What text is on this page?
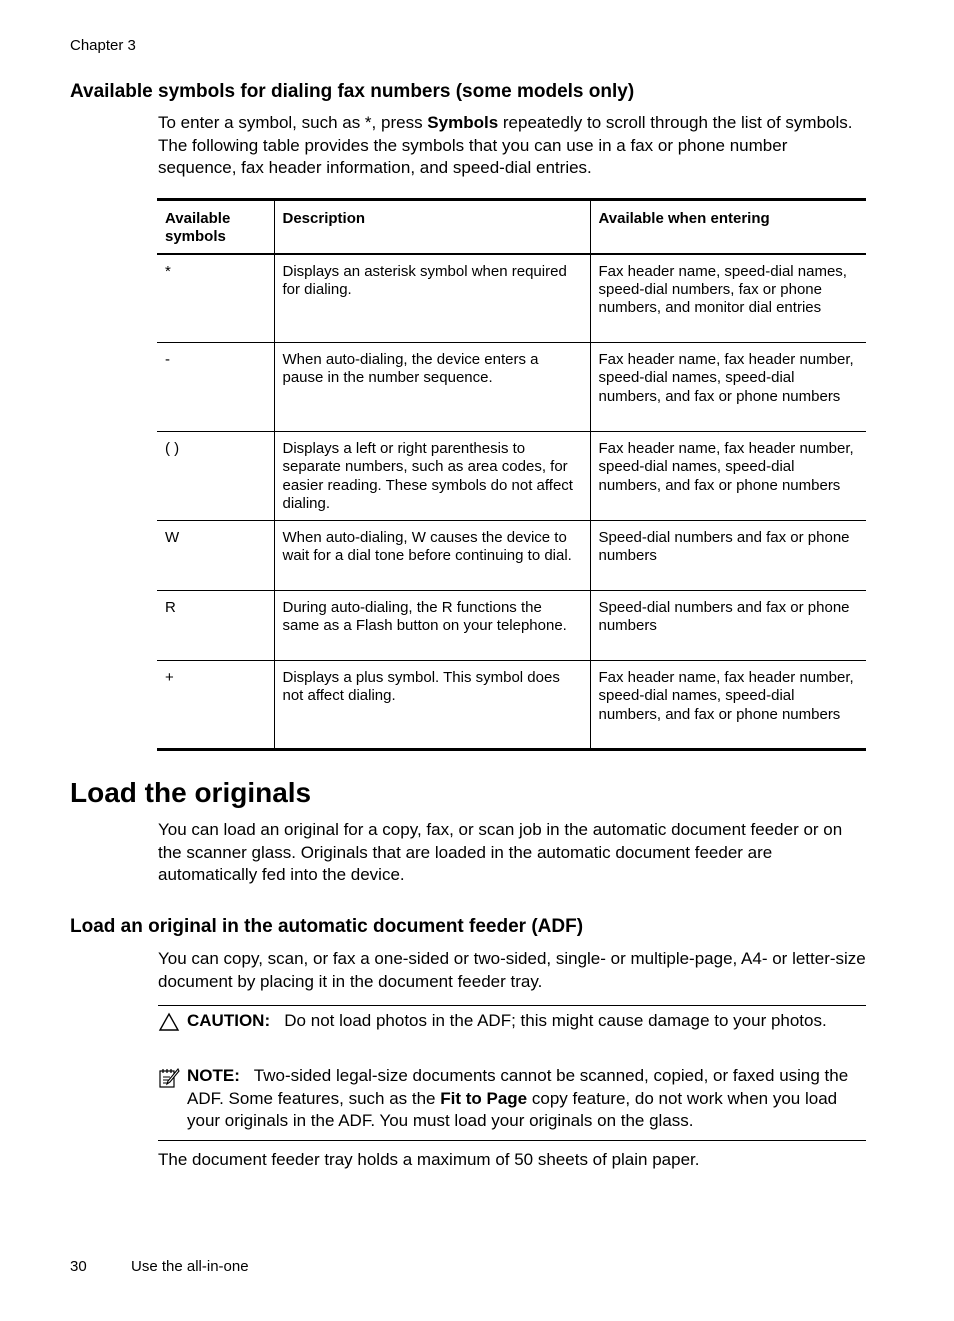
Chapter 3
Available symbols for dialing fax numbers (some models only)
To enter a symbol, such as *, press Symbols repeatedly to scroll through the list of symbols. The following table provides the symbols that you can use in a fax or phone number sequence, fax header information, and speed-dial entries.
Available symbols	Description	Available when entering
*	Displays an asterisk symbol when required for dialing.	Fax header name, speed-dial names, speed-dial numbers, fax or phone numbers, and monitor dial entries
-	When auto-dialing, the device enters a pause in the number sequence.	Fax header name, fax header number, speed-dial names, speed-dial numbers, and fax or phone numbers
( )	Displays a left or right parenthesis to separate numbers, such as area codes, for easier reading. These symbols do not affect dialing.	Fax header name, fax header number, speed-dial names, speed-dial numbers, and fax or phone numbers
W	When auto-dialing, W causes the device to wait for a dial tone before continuing to dial.	Speed-dial numbers and fax or phone numbers
R	During auto-dialing, the R functions the same as a Flash button on your telephone.	Speed-dial numbers and fax or phone numbers
+	Displays a plus symbol. This symbol does not affect dialing.	Fax header name, fax header number, speed-dial names, speed-dial numbers, and fax or phone numbers
Load the originals
You can load an original for a copy, fax, or scan job in the automatic document feeder or on the scanner glass. Originals that are loaded in the automatic document feeder are automatically fed into the device.
Load an original in the automatic document feeder (ADF)
You can copy, scan, or fax a one-sided or two-sided, single- or multiple-page, A4- or letter-size document by placing it in the document feeder tray.
CAUTION: Do not load photos in the ADF; this might cause damage to your photos.
NOTE: Two-sided legal-size documents cannot be scanned, copied, or faxed using the ADF. Some features, such as the Fit to Page copy feature, do not work when you load your originals in the ADF. You must load your originals on the glass.
The document feeder tray holds a maximum of 50 sheets of plain paper.
30	Use the all-in-one
